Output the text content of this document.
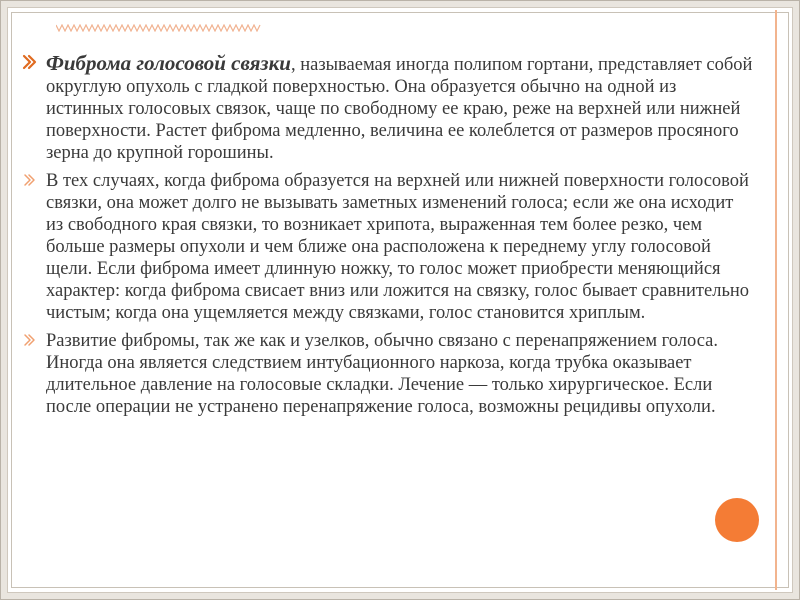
Фиброма голосовой связки, называемая иногда полипом гортани, представляет собой округлую опухоль с гладкой поверхностью. Она образуется обычно на одной из истинных голосовых связок, чаще по свободному ее краю, реже на верхней или нижней поверхности. Растет фиброма медленно, величина ее колеблется от размеров просяного зерна до крупной горошины.
В тех случаях, когда фиброма образуется на верхней или нижней поверхности голосовой связки, она может долго не вызывать заметных изменений голоса; если же она исходит из свободного края связки, то возникает хрипота, выраженная тем более резко, чем больше размеры опухоли и чем ближе она расположена к переднему углу голосовой щели. Если фиброма имеет длинную ножку, то голос может приобрести меняющийся характер: когда фиброма свисает вниз или ложится на связку, голос бывает сравнительно чистым; когда она ущемляется между связками, голос становится хриплым.
Развитие фибромы, так же как и узелков, обычно связано с перенапряжением голоса. Иногда она является следствием интубационного наркоза, когда трубка оказывает длительное давление на голосовые складки. Лечение — только хирургическое. Если после операции не устранено перенапряжение голоса, возможны рецидивы опухоли.
